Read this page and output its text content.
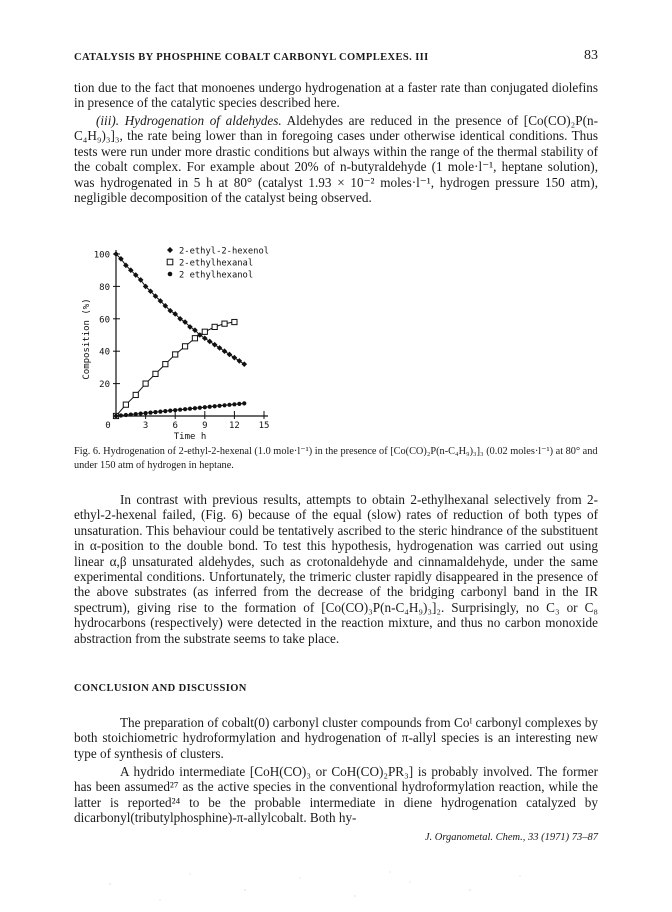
CATALYSIS BY PHOSPHINE COBALT CARBONYL COMPLEXES. III	83

tion due to the fact that monoenes undergo hydrogenation at a faster rate than conjugated diolefins in presence of the catalytic species described here.

(iii). Hydrogenation of aldehydes. Aldehydes are reduced in the presence of [Co(CO)₂P(n-C₄H₉)₃]₃, the rate being lower than in foregoing cases under otherwise identical conditions. Thus tests were run under more drastic conditions but always within the range of the thermal stability of the cobalt complex. For example about 20% of n-butyraldehyde (1 mole·l⁻¹, heptane solution), was hydrogenated in 5 h at 80° (catalyst 1.93 × 10⁻² moles·l⁻¹, hydrogen pressure 150 atm), negligible decomposition of the catalyst being observed.

20
40
60
80
100
0	3	6	9 12 15
Time h
Composition (%)
2-ethyl-2-hexenol
2-ethylhexanal
2 ethylhexanol

Fig. 6. Hydrogenation of 2-ethyl-2-hexenal (1.0 mole·l⁻¹) in the presence of [Co(CO)₂P(n-C₄H₉)₃]₃ (0.02 moles·l⁻¹) at 80° and under 150 atm of hydrogen in heptane.

In contrast with previous results, attempts to obtain 2-ethylhexanal selectively from 2-ethyl-2-hexenal failed, (Fig. 6) because of the equal (slow) rates of reduction of both types of unsaturation. This behaviour could be tentatively ascribed to the steric hindrance of the substituent in α-position to the double bond. To test this hypothesis, hydrogenation was carried out using linear α,β unsaturated aldehydes, such as crotonaldehyde and cinnamaldehyde, under the same experimental conditions. Unfortunately, the trimeric cluster rapidly disappeared in the presence of the above substrates (as inferred from the decrease of the bridging carbonyl band in the IR spectrum), giving rise to the formation of [Co(CO)₃P(n-C₄H₉)₃]₂. Surprisingly, no C₃ or C₈ hydrocarbons (respectively) were detected in the reaction mixture, and thus no carbon monoxide abstraction from the substrate seems to take place.

CONCLUSION AND DISCUSSION

The preparation of cobalt(0) carbonyl cluster compounds from Coᴵ carbonyl complexes by both stoichiometric hydroformylation and hydrogenation of π-allyl species is an interesting new type of synthesis of clusters.

A hydrido intermediate [CoH(CO)₃ or CoH(CO)₂PR₃] is probably involved. The former has been assumed²⁷ as the active species in the conventional hydroformylation reaction, while the latter is reported²⁴ to be the probable intermediate in diene hydrogenation catalyzed by dicarbonyl(tributylphosphine)-π-allylcobalt. Both hy-

J. Organometal. Chem., 33 (1971) 73–87
